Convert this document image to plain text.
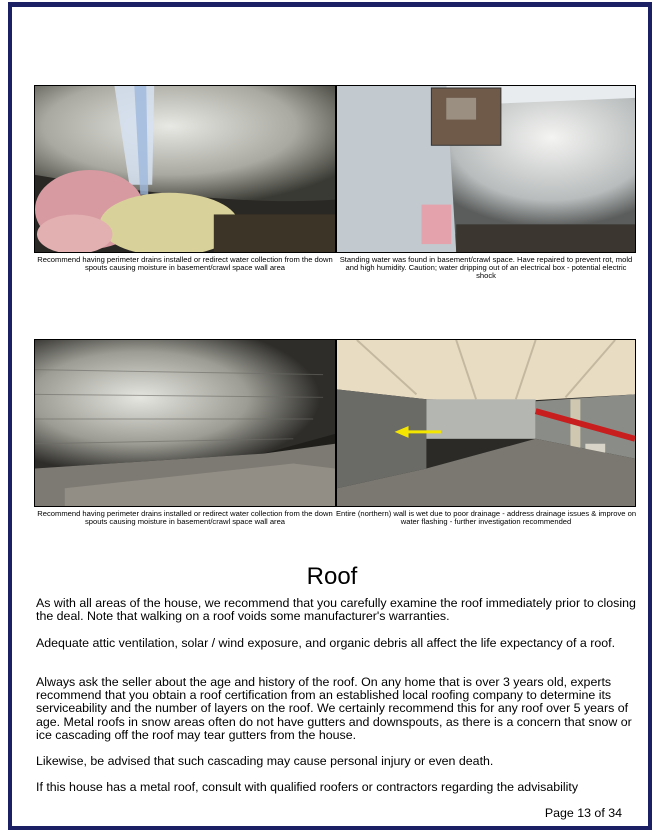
Recommend having perimeter drains installed or redirect water collection from the down spouts causing moisture in basement/crawl space wall area
Standing water was found in basement/crawl space. Have repaired to prevent rot, mold and high humidity. Caution; water dripping out of an electrical box - potential electric shock
Recommend having perimeter drains installed or redirect water collection from the down spouts causing moisture in basement/crawl space wall area
Entire (northern) wall is wet due to poor drainage - address drainage issues & improve on water flashing - further investigation recommended
Roof

As with all areas of the house, we recommend that you carefully examine the roof immediately prior to closing the deal. Note that walking on a roof voids some manufacturer's warranties.

Adequate attic ventilation, solar / wind exposure, and organic debris all affect the life expectancy of a roof.

Always ask the seller about the age and history of the roof. On any home that is over 3 years old, experts recommend that you obtain a roof certification from an established local roofing company to determine its serviceability and the number of layers on the roof. We certainly recommend this for any roof over 5 years of age. Metal roofs in snow areas often do not have gutters and downspouts, as there is a concern that snow or ice cascading off the roof may tear gutters from the house.

Likewise, be advised that such cascading may cause personal injury or even death.

If this house has a metal roof, consult with qualified roofers or contractors regarding the advisability

Page 13 of 34
